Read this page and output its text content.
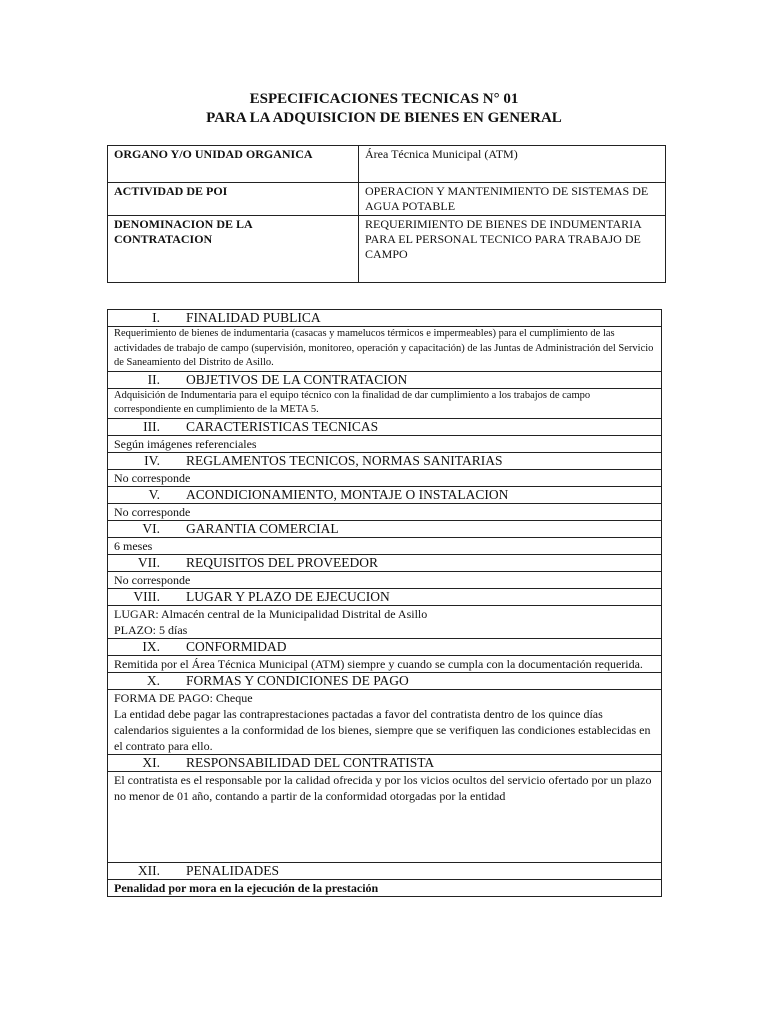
ESPECIFICACIONES TECNICAS N° 01
PARA LA ADQUISICION DE BIENES EN GENERAL
ORGANO Y/O UNIDAD ORGANICA	Área Técnica Municipal (ATM)
ACTIVIDAD DE POI	OPERACION Y MANTENIMIENTO DE SISTEMAS DE AGUA POTABLE
DENOMINACION DE LA CONTRATACION	REQUERIMIENTO DE BIENES DE INDUMENTARIA PARA EL PERSONAL TECNICO PARA TRABAJO DE CAMPO
I. FINALIDAD PUBLICA
Requerimiento de bienes de indumentaria (casacas y mamelucos térmicos e impermeables) para el cumplimiento de las actividades de trabajo de campo (supervisión, monitoreo, operación y capacitación) de las Juntas de Administración del Servicio de Saneamiento del Distrito de Asillo.
II. OBJETIVOS DE LA CONTRATACION
Adquisición de Indumentaria para el equipo técnico con la finalidad de dar cumplimiento a los trabajos de campo correspondiente en cumplimiento de la META 5.
III. CARACTERISTICAS TECNICAS
Según imágenes referenciales
IV. REGLAMENTOS TECNICOS, NORMAS SANITARIAS
No corresponde
V. ACONDICIONAMIENTO, MONTAJE O INSTALACION
No corresponde
VI. GARANTIA COMERCIAL
6 meses
VII. REQUISITOS DEL PROVEEDOR
No corresponde
VIII. LUGAR Y PLAZO DE EJECUCION

LUGAR: Almacén central de la Municipalidad Distrital de Asillo
PLAZO: 5 días

IX. CONFORMIDAD
Remitida por el Área Técnica Municipal (ATM) siempre y cuando se cumpla con la documentación requerida.
X. FORMAS Y CONDICIONES DE PAGO

FORMA DE PAGO: Cheque
La entidad debe pagar las contraprestaciones pactadas a favor del contratista dentro de los quince días calendarios siguientes a la conformidad de los bienes, siempre que se verifiquen las condiciones establecidas en el contrato para ello.

XI. RESPONSABILIDAD DEL CONTRATISTA
El contratista es el responsable por la calidad ofrecida y por los vicios ocultos del servicio ofertado por un plazo no menor de 01 año, contando a partir de la conformidad otorgadas por la entidad
XII. PENALIDADES
Penalidad por mora en la ejecución de la prestación
